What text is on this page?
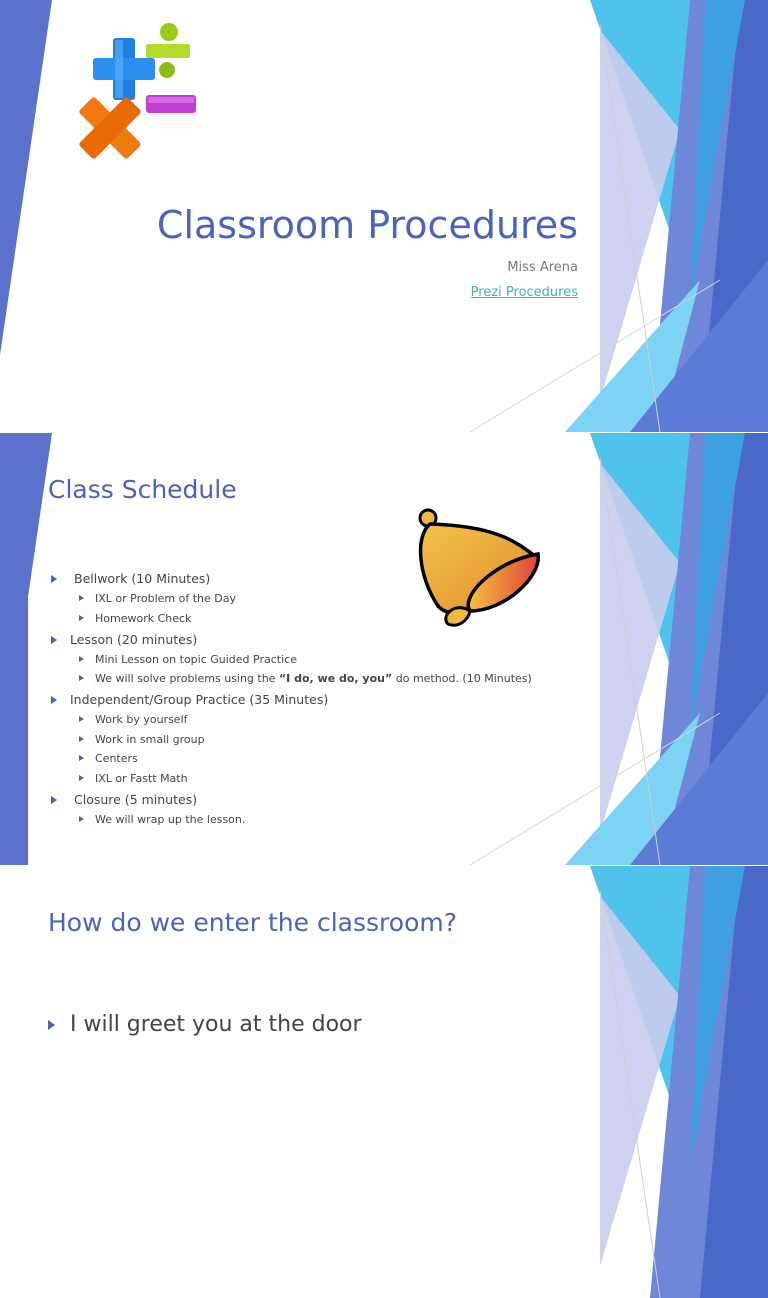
Classroom Procedures
Miss Arena
Prezi Procedures
Class Schedule
Bellwork (10 Minutes)
IXL or Problem of the Day
Homework Check
Lesson (20 minutes)
Mini Lesson on topic Guided Practice
We will solve problems using the “I do, we do, you” do method. (10 Minutes)
Independent/Group Practice (35 Minutes)
Work by yourself
Work in small group
Centers
IXL or Fastt Math
Closure (5 minutes)
We will wrap up the lesson.
How do we enter the classroom?
I will greet you at the door
